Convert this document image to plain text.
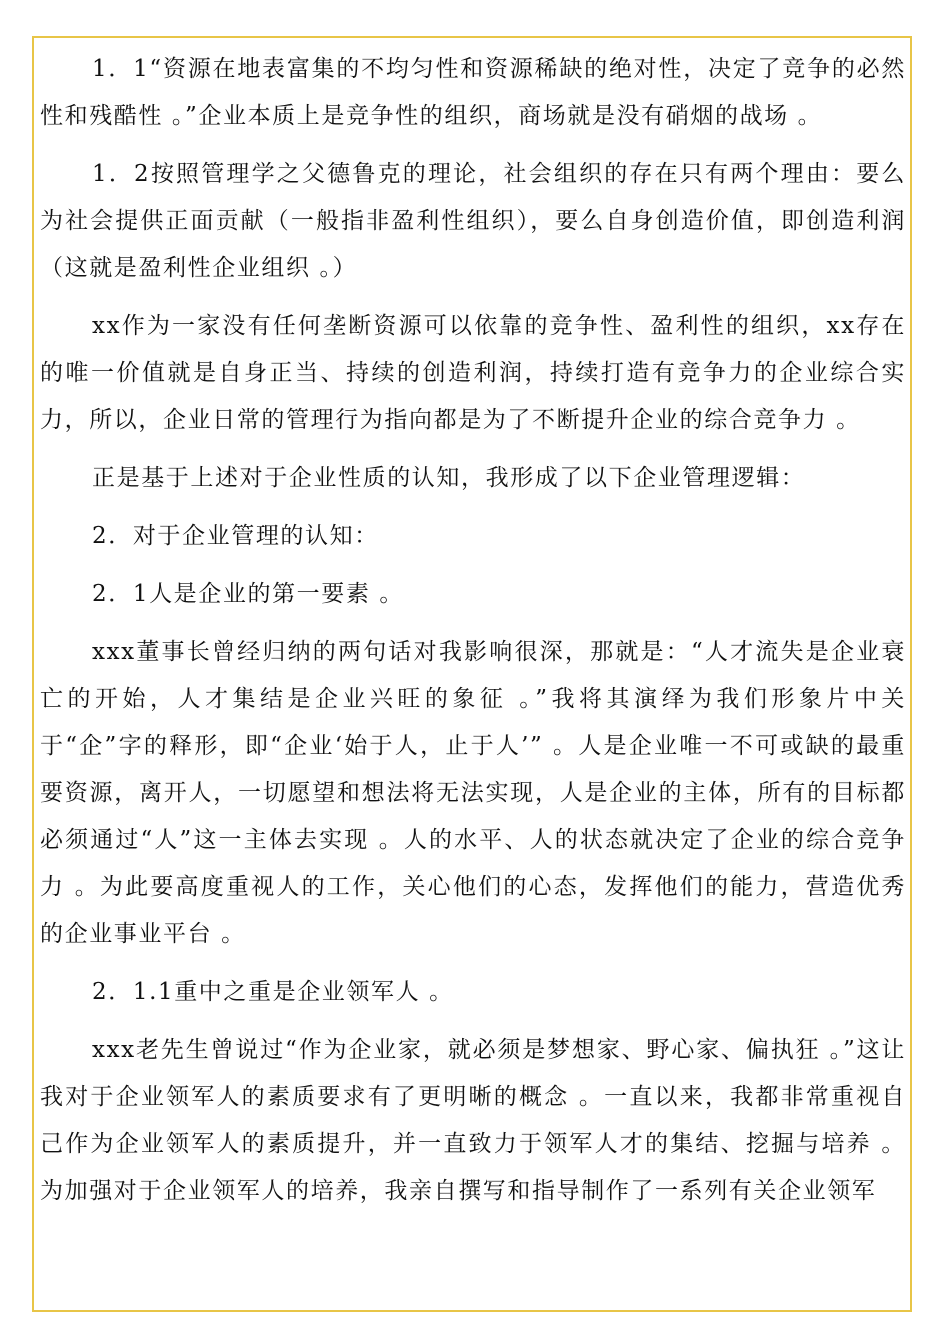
1．1“资源在地表富集的不均匀性和资源稀缺的绝对性，决定了竞争的必然性和残酷性 。”企业本质上是竞争性的组织，商场就是没有硝烟的战场 。

1．2按照管理学之父德鲁克的理论，社会组织的存在只有两个理由：要么为社会提供正面贡献（一般指非盈利性组织），要么自身创造价值，即创造利润（这就是盈利性企业组织 。）

xx作为一家没有任何垄断资源可以依靠的竞争性、盈利性的组织，xx存在的唯一价值就是自身正当、持续的创造利润，持续打造有竞争力的企业综合实力，所以，企业日常的管理行为指向都是为了不断提升企业的综合竞争力 。

正是基于上述对于企业性质的认知，我形成了以下企业管理逻辑：

2．对于企业管理的认知：

2．1人是企业的第一要素 。

xxx董事长曾经归纳的两句话对我影响很深，那就是：“人才流失是企业衰亡的开始，人才集结是企业兴旺的象征 。”我将其演绎为我们形象片中关于“企”字的释形，即“企业‘始于人，止于人’” 。人是企业唯一不可或缺的最重要资源，离开人，一切愿望和想法将无法实现，人是企业的主体，所有的目标都必须通过“人”这一主体去实现 。人的水平、人的状态就决定了企业的综合竞争力 。为此要高度重视人的工作，关心他们的心态，发挥他们的能力，营造优秀的企业事业平台 。

2．1.1重中之重是企业领军人 。

xxx老先生曾说过“作为企业家，就必须是梦想家、野心家、偏执狂 。”这让我对于企业领军人的素质要求有了更明晰的概念 。一直以来，我都非常重视自己作为企业领军人的素质提升，并一直致力于领军人才的集结、挖掘与培养 。为加强对于企业领军人的培养，我亲自撰写和指导制作了一系列有关企业领军
